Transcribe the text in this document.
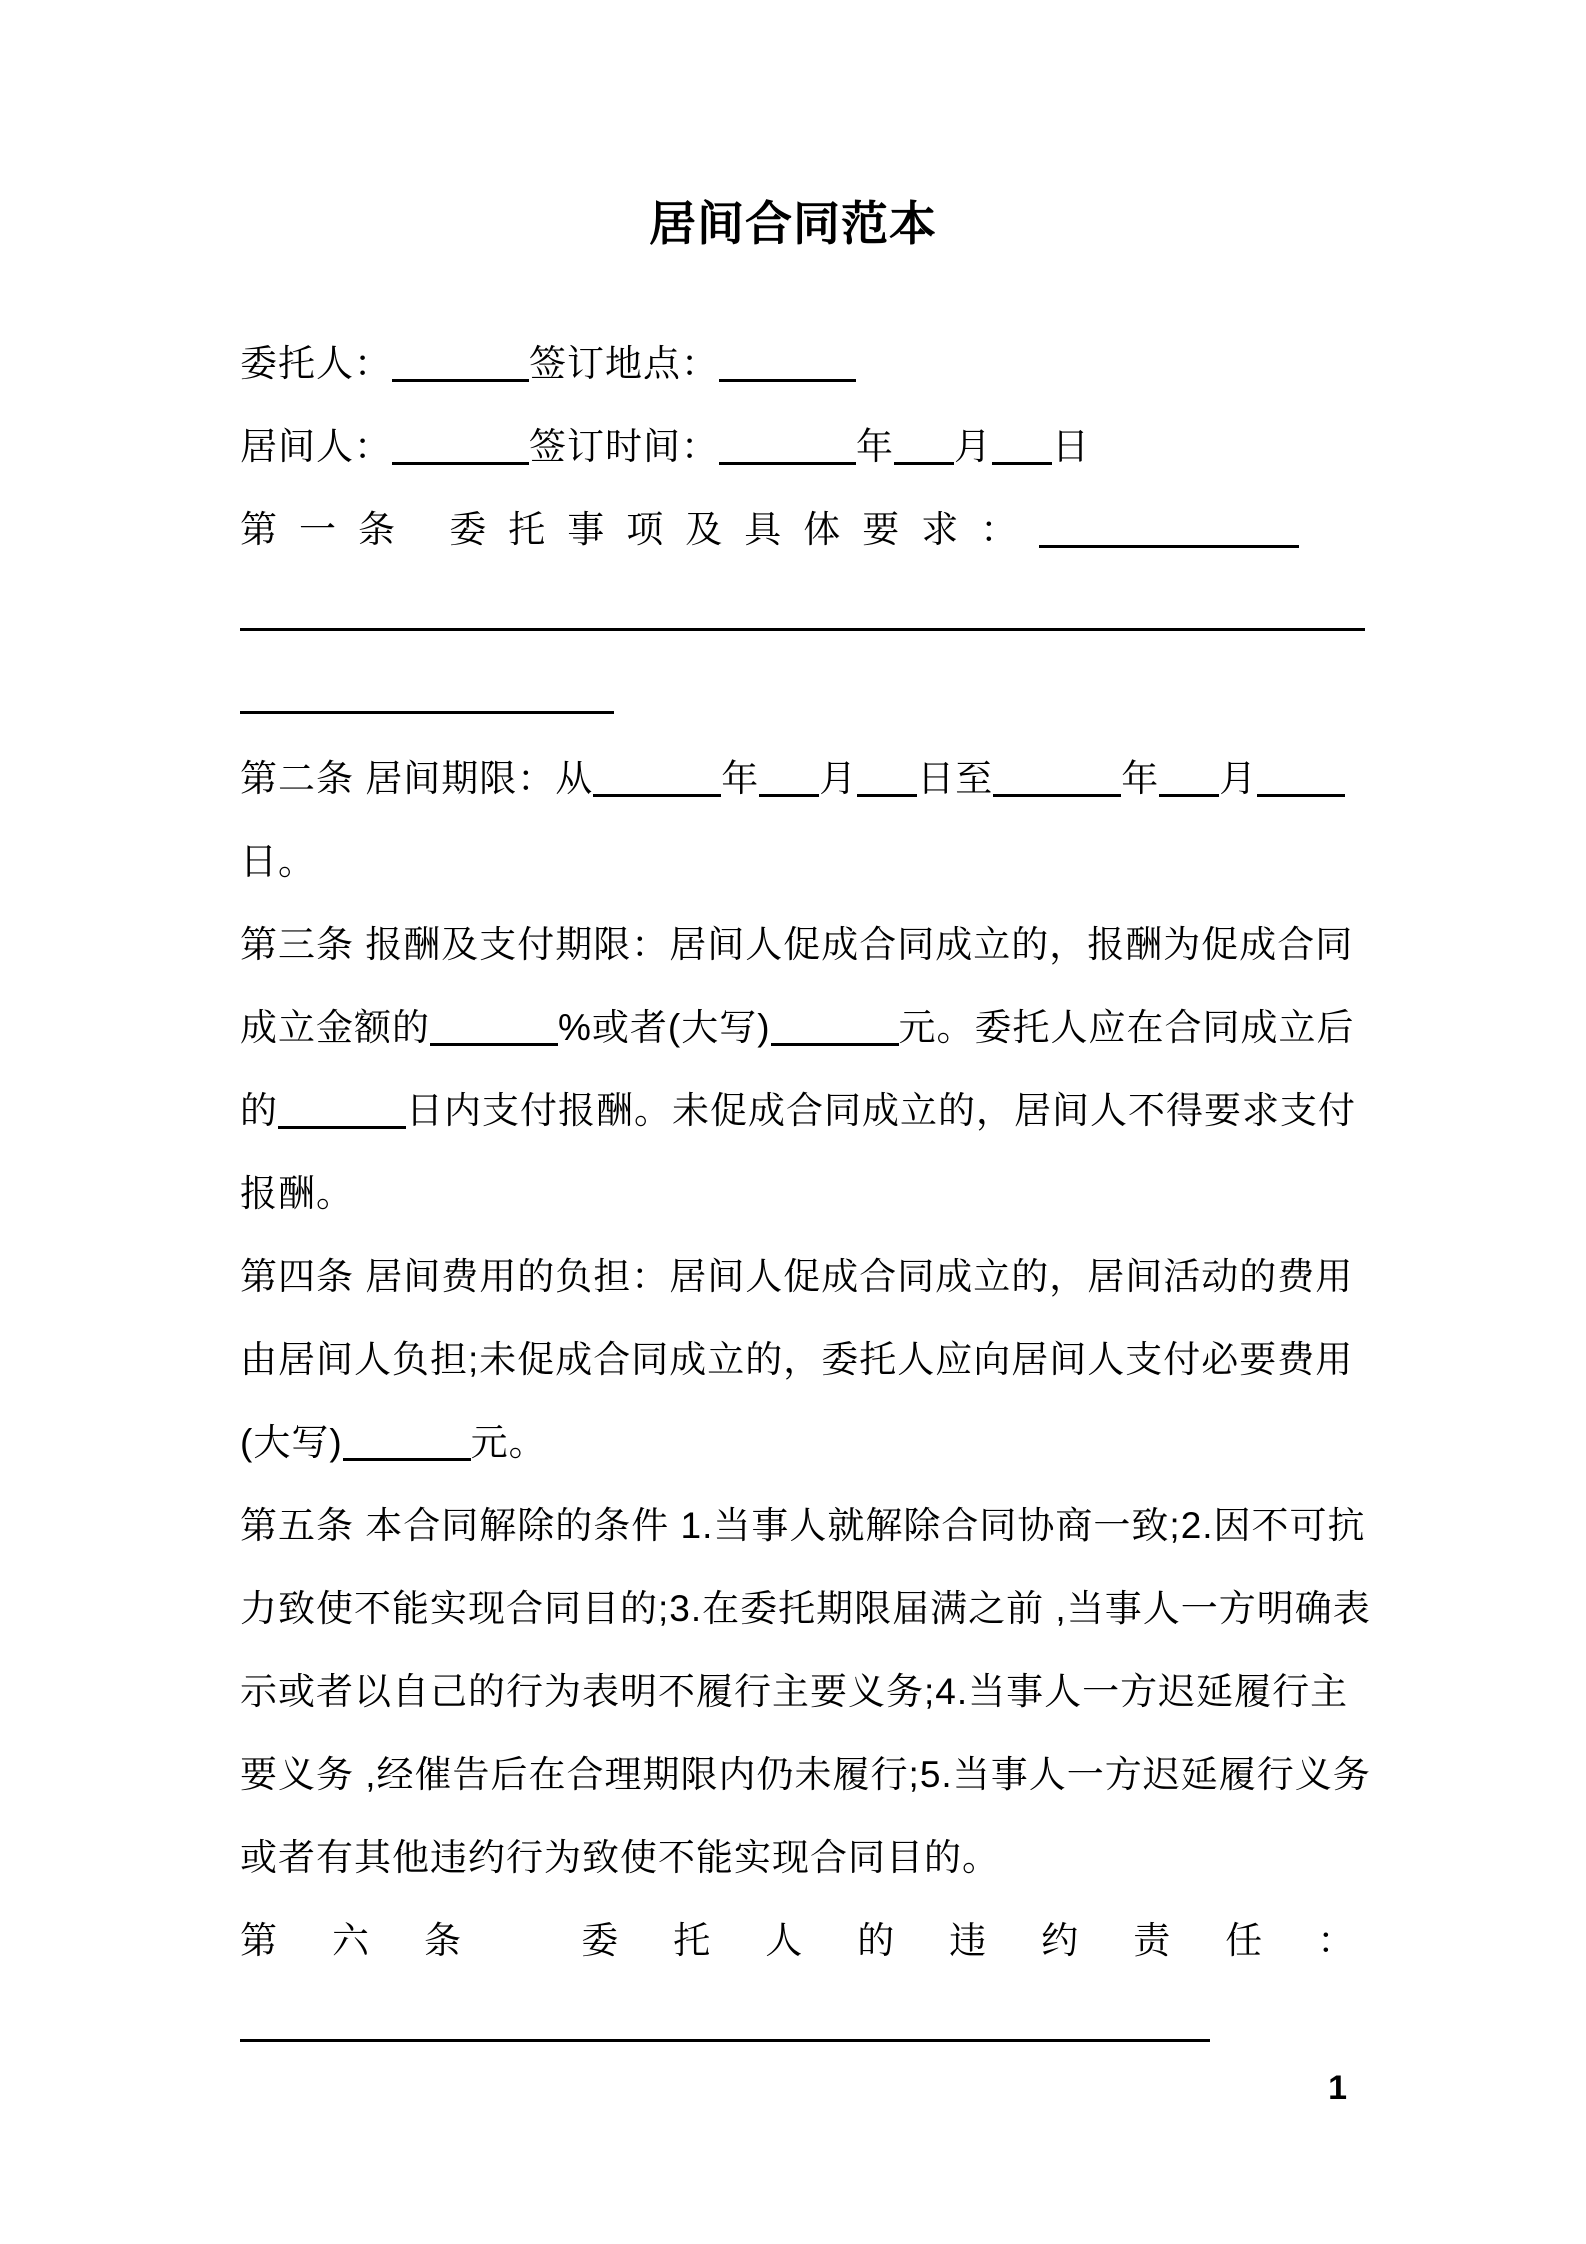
居间合同范本
委托人：	签订地点：
居间人：	签订时间：	年 月 日
第一条 委托事项及具体要求：
第二条 居间期限：从	年 月 日至	年 月
日。
第三条 报酬及支付期限：居间人促成合同成立的，报酬为促成合同
成立金额的	%或者(大写)	元。委托人应在合同成立后
的	日内支付报酬。未促成合同成立的，居间人不得要求支付
报酬。
第四条 居间费用的负担：居间人促成合同成立的，居间活动的费用
由居间人负担;未促成合同成立的，委托人应向居间人支付必要费用
(大写)	元。
第五条 本合同解除的条件 1.当事人就解除合同协商一致;2.因不可抗
力致使不能实现合同目的;3.在委托期限届满之前 ,当事人一方明确表
示或者以自己的行为表明不履行主要义务;4.当事人一方迟延履行主
要义务 ,经催告后在合理期限内仍未履行;5.当事人一方迟延履行义务
或者有其他违约行为致使不能实现合同目的。
第六条 委托人的违约责任：
1
